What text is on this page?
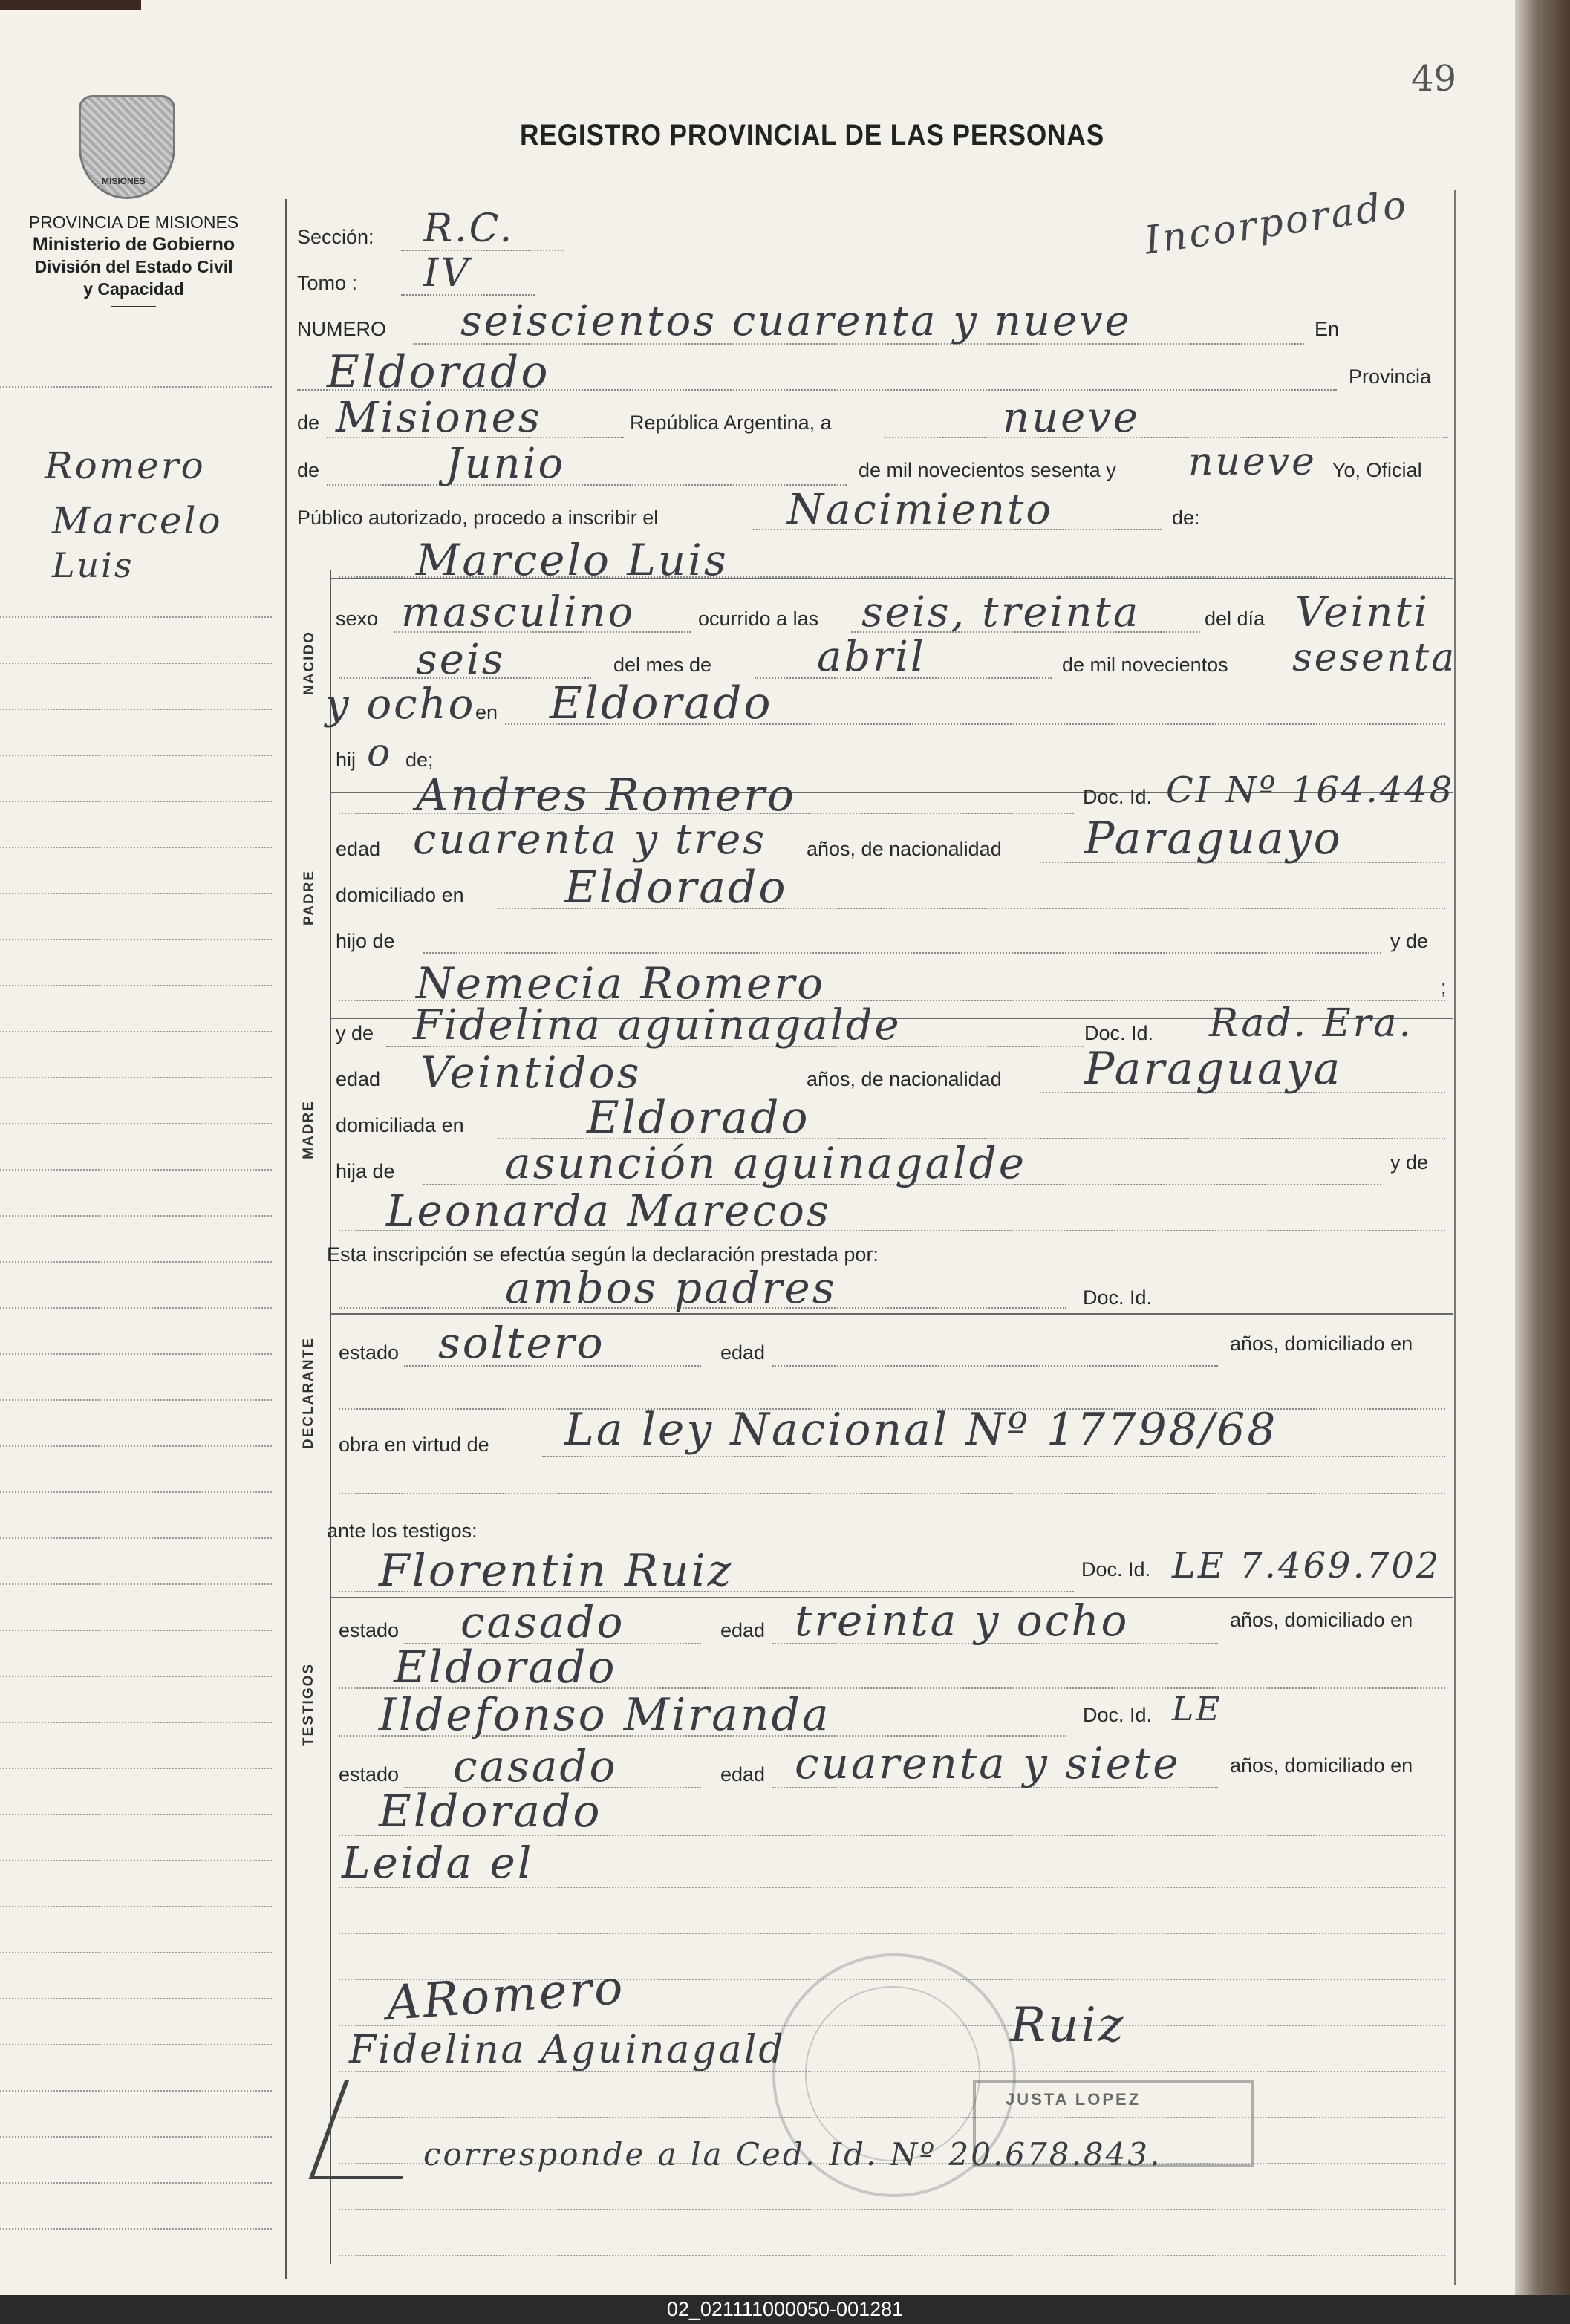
49
REGISTRO PROVINCIAL DE LAS PERSONAS
MISIONES
PROVINCIA DE MISIONES
Ministerio de Gobierno
División del Estado Civil
y Capacidad
Romero
Marcelo
Luis
Incorporado
Sección: R.C.
Tomo : IV
NUMERO seiscientos cuarenta y nueve	En
Eldorado	Provincia
de Misiones	República Argentina, a	nueve
de	Junio	de mil novecientos sesenta y nueve Yo, Oficial
Público autorizado, procedo a inscribir el	Nacimiento	de:
Marcelo Luis
NACIDO
sexo masculino	ocurrido a las seis, treinta	del día Veinti
seis	del mes de	abril	de mil novecientos sesenta
y ocho en Eldorado
hij o de;
Andres Romero	Doc. Id. CI Nº 164.448
PADRE
edad cuarenta y tres años, de nacionalidad Paraguayo
domiciliado en Eldorado
hijo de	y de
Nemecia Romero	;
y de Fidelina aguinagalde	Doc. Id. Rad. Era.
MADRE
edad Veintidos	años, de nacionalidad Paraguaya
domiciliada en	Eldorado
hija de	asunción aguinagalde	y de
Leonarda Marecos
Esta inscripción se efectúa según la declaración prestada por:
ambos padres	Doc. Id.
DECLARANTE estado soltero	edad	años, domiciliado en
obra en virtud de La ley Nacional Nº 17798/68
ante los testigos:
Florentin Ruiz	Doc. Id. LE 7.469.702
TESTIGOS
estado casado	edad treinta y ocho	años, domiciliado en
Eldorado
Ildefonso Miranda	Doc. Id. LE
estado casado	edad cuarenta y siete años, domiciliado en
Eldorado
Leida el
JUSTA LOPEZ
ARomero
Fidelina Aguinagald	Ruiz
corresponde a la Ced. Id. Nº 20.678.843.
02_021111000050-001281
